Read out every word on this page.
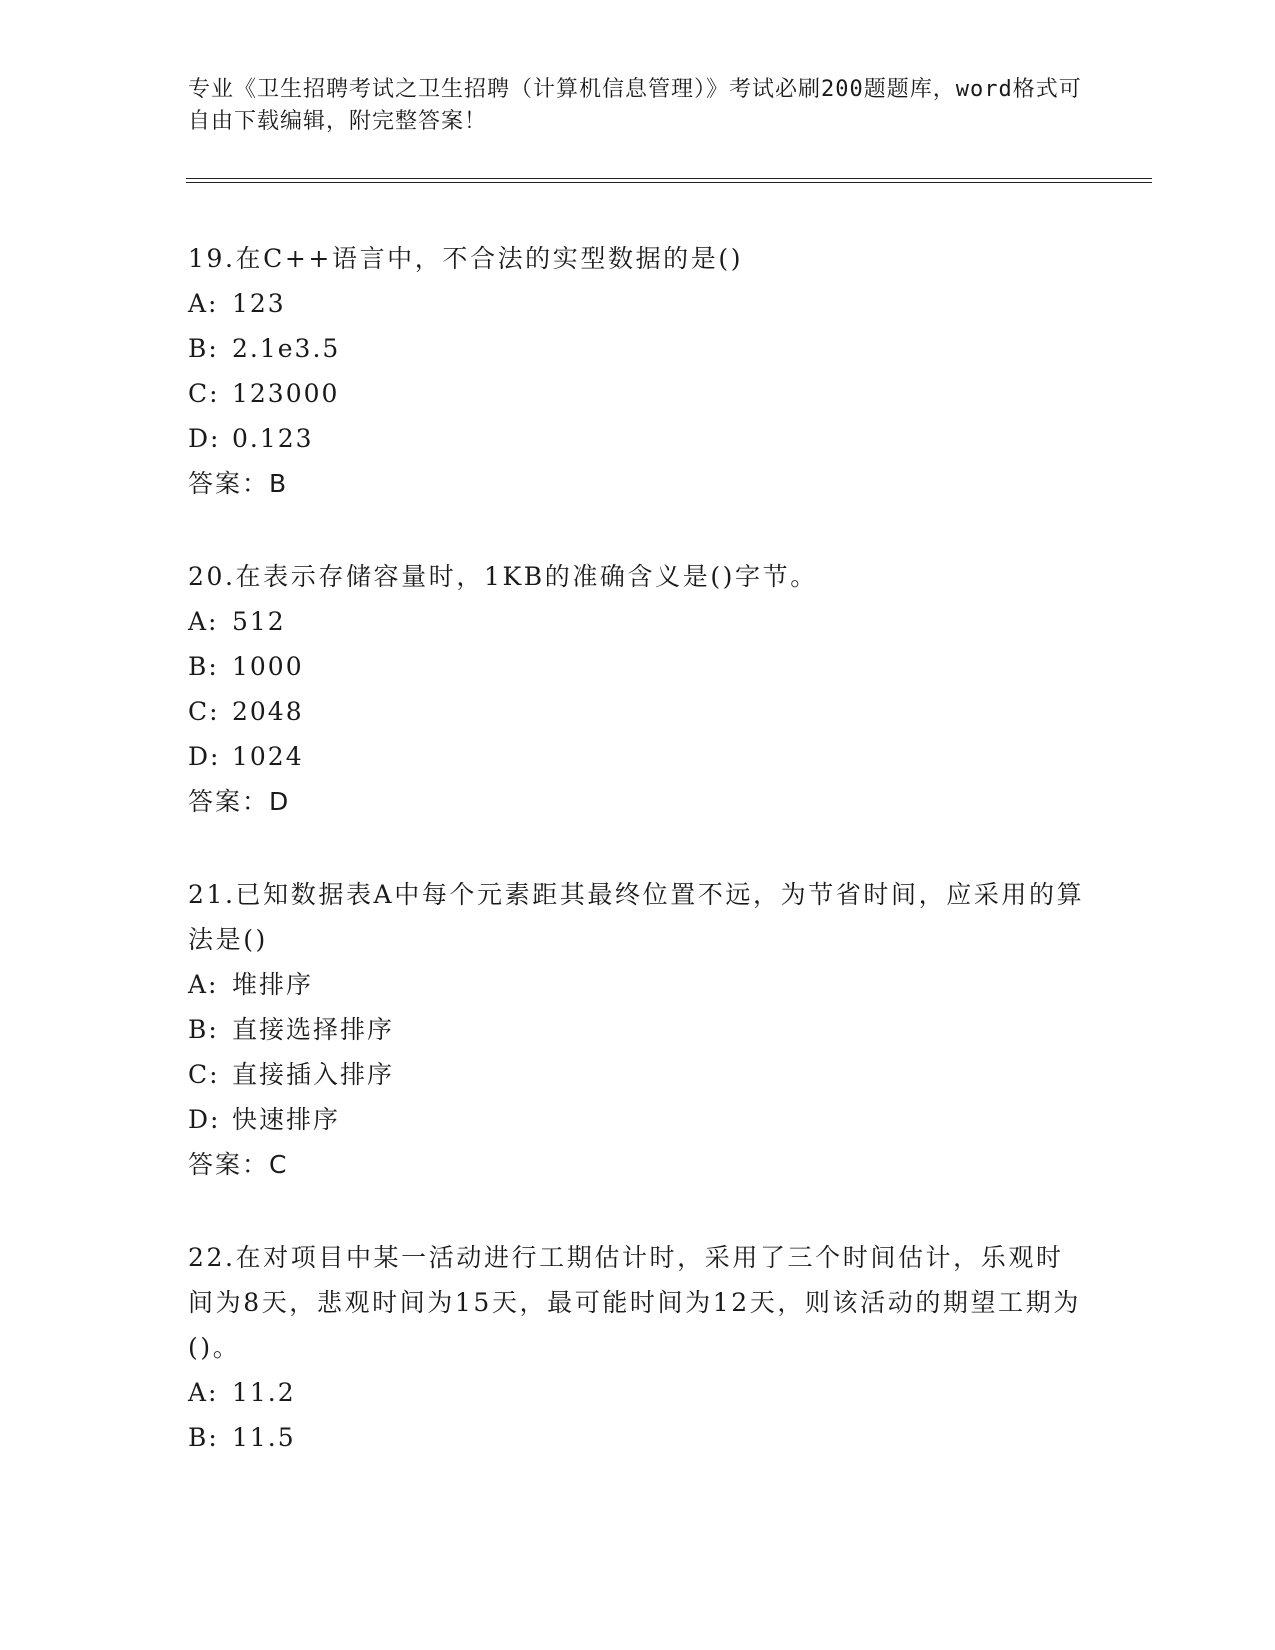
专业《卫生招聘考试之卫生招聘（计算机信息管理）》考试必刷200题题库，word格式可自由下载编辑，附完整答案！

19.在C++语言中，不合法的实型数据的是()

A: 123
B: 2.1e3.5
C: 123000
D: 0.123

答案：B

20.在表示存储容量时，1KB的准确含义是()字节。

A: 512
B: 1000
C: 2048
D: 1024

答案：D

21.已知数据表A中每个元素距其最终位置不远，为节省时间，应采用的算法是()

A: 堆排序
B: 直接选择排序
C: 直接插入排序
D: 快速排序

答案：C

22.在对项目中某一活动进行工期估计时，采用了三个时间估计，乐观时间为8天，悲观时间为15天，最可能时间为12天，则该活动的期望工期为()。

A: 11.2
B: 11.5
